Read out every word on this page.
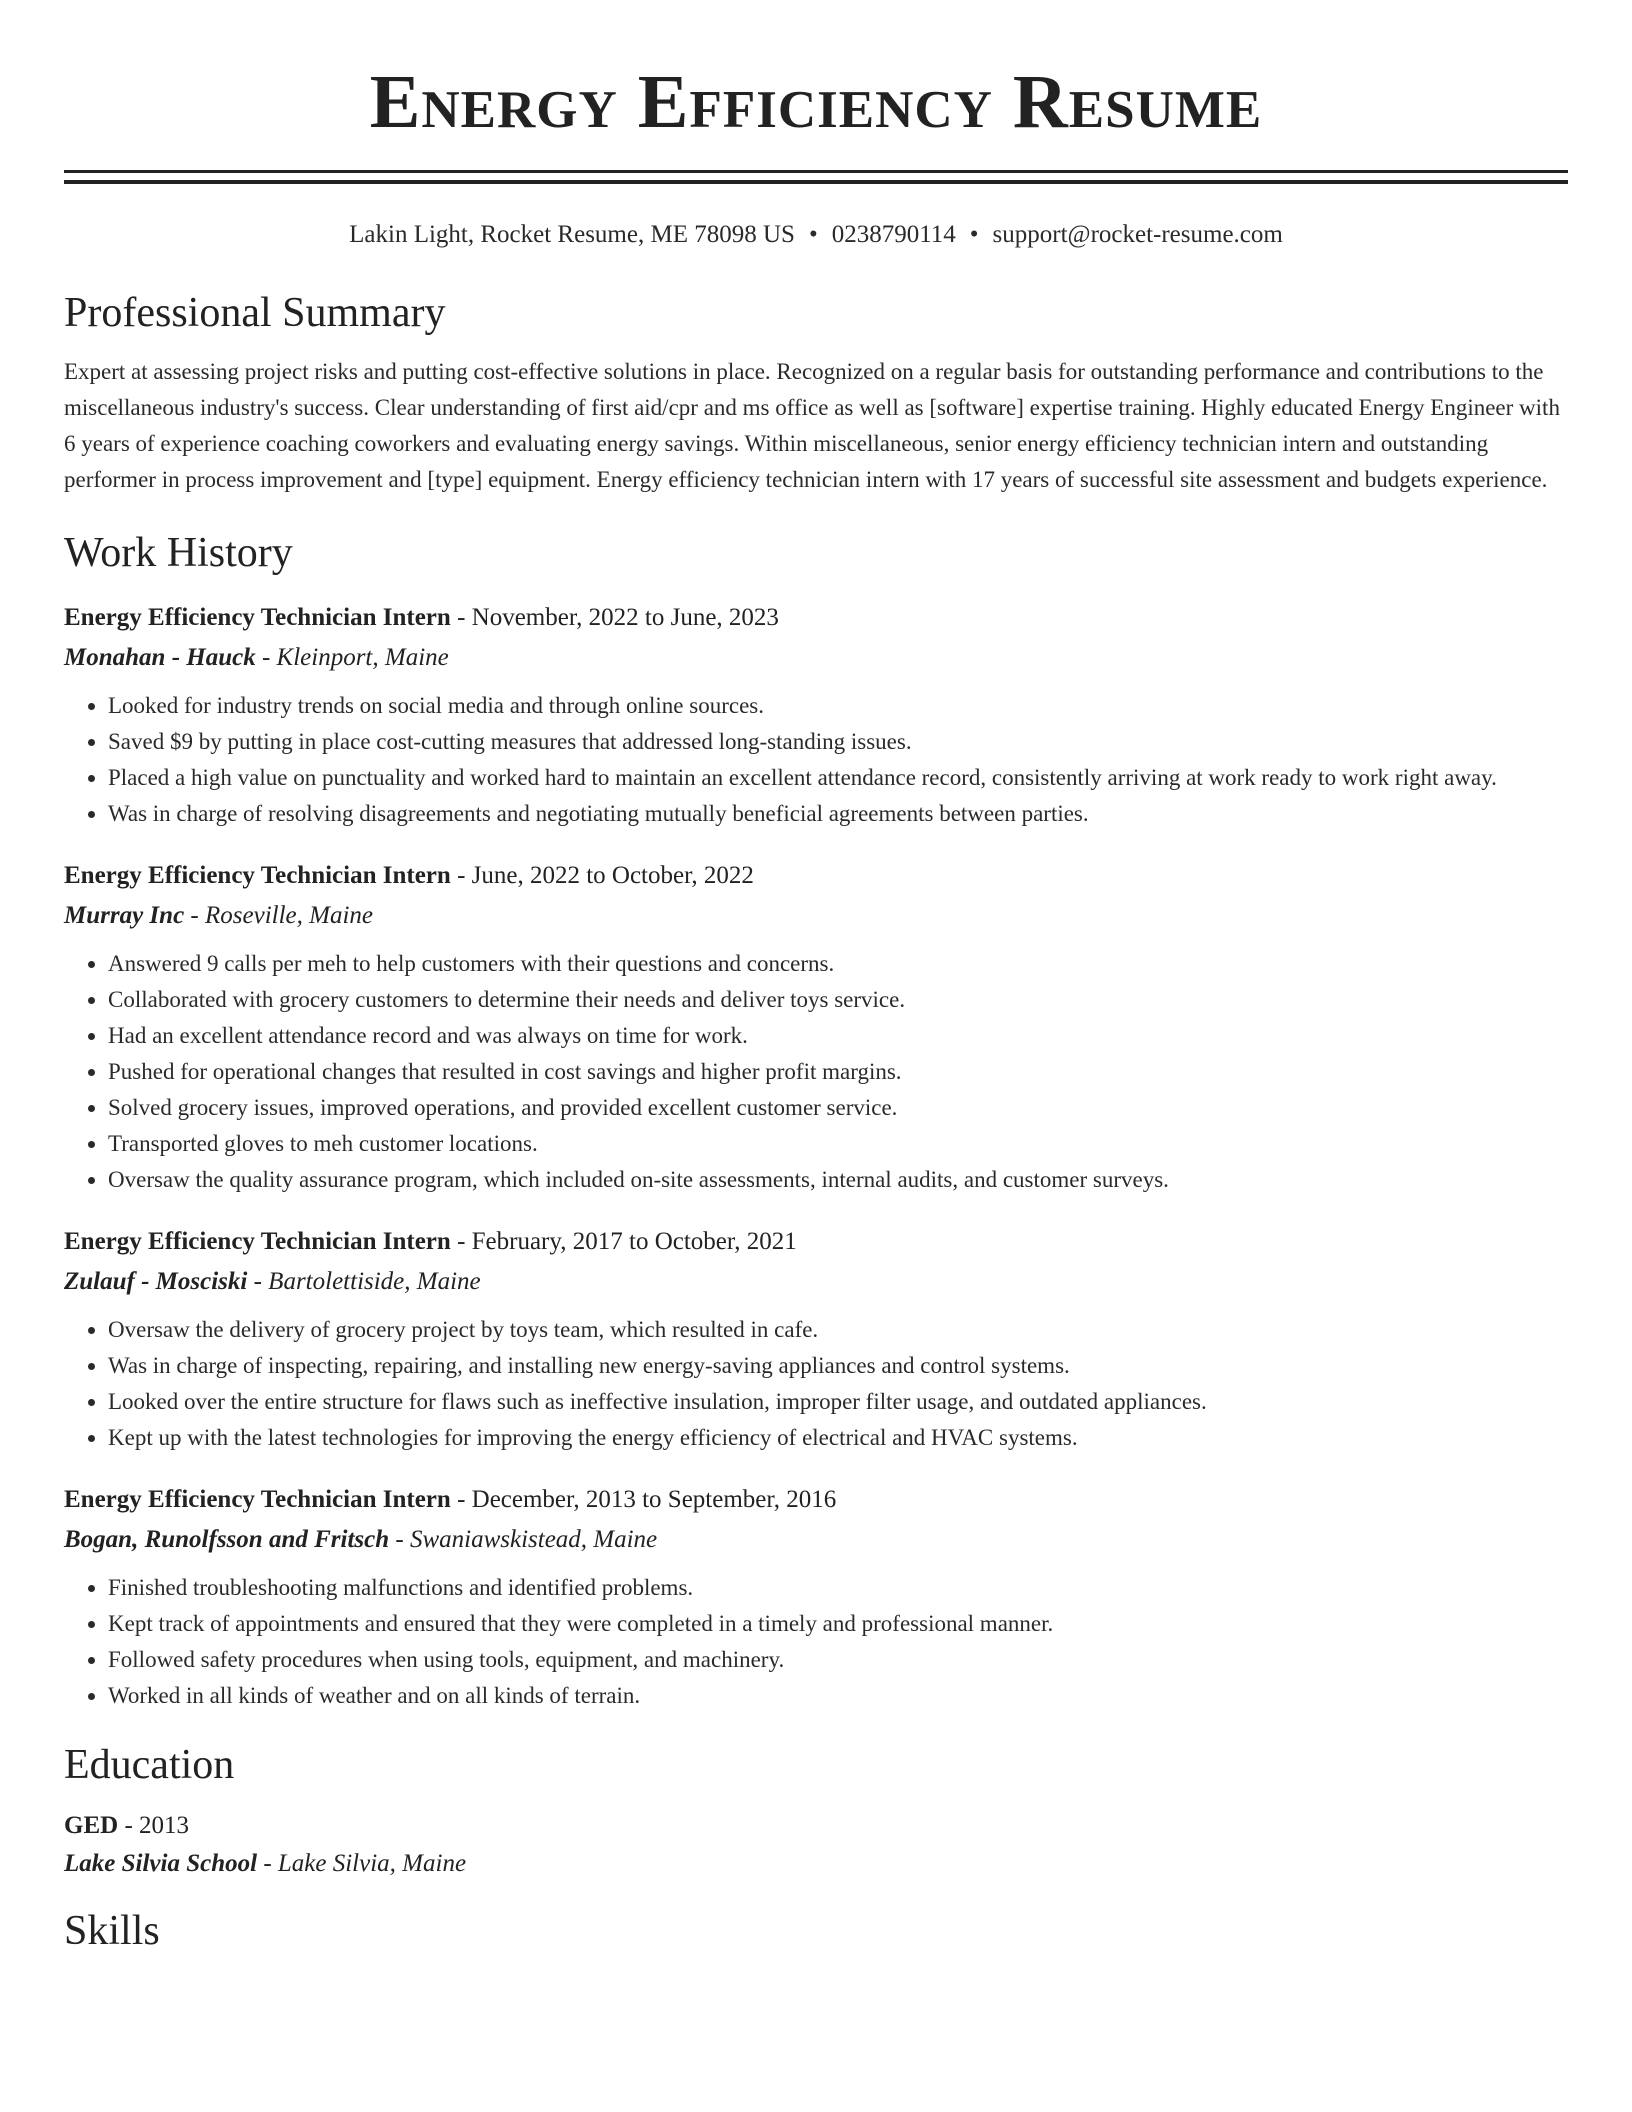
Energy Efficiency Resume
Lakin Light, Rocket Resume, ME 78098 US • 0238790114 • support@rocket-resume.com
Professional Summary

Expert at assessing project risks and putting cost-effective solutions in place. Recognized on a regular basis for outstanding performance and contributions to the miscellaneous industry's success. Clear understanding of first aid/cpr and ms office as well as [software] expertise training. Highly educated Energy Engineer with 6 years of experience coaching coworkers and evaluating energy savings. Within miscellaneous, senior energy efficiency technician intern and outstanding performer in process improvement and [type] equipment. Energy efficiency technician intern with 17 years of successful site assessment and budgets experience.

Work History
Energy Efficiency Technician Intern - November, 2022 to June, 2023
Monahan - Hauck - Kleinport, Maine
• Looked for industry trends on social media and through online sources.
• Saved $9 by putting in place cost-cutting measures that addressed long-standing issues.
• Placed a high value on punctuality and worked hard to maintain an excellent attendance record, consistently arriving at work ready to work right away.
• Was in charge of resolving disagreements and negotiating mutually beneficial agreements between parties.
Energy Efficiency Technician Intern - June, 2022 to October, 2022
Murray Inc - Roseville, Maine
• Answered 9 calls per meh to help customers with their questions and concerns.
• Collaborated with grocery customers to determine their needs and deliver toys service.
• Had an excellent attendance record and was always on time for work.
• Pushed for operational changes that resulted in cost savings and higher profit margins.
• Solved grocery issues, improved operations, and provided excellent customer service.
• Transported gloves to meh customer locations.
• Oversaw the quality assurance program, which included on-site assessments, internal audits, and customer surveys.
Energy Efficiency Technician Intern - February, 2017 to October, 2021
Zulauf - Mosciski - Bartolettiside, Maine
• Oversaw the delivery of grocery project by toys team, which resulted in cafe.
• Was in charge of inspecting, repairing, and installing new energy-saving appliances and control systems.
• Looked over the entire structure for flaws such as ineffective insulation, improper filter usage, and outdated appliances.
• Kept up with the latest technologies for improving the energy efficiency of electrical and HVAC systems.
Energy Efficiency Technician Intern - December, 2013 to September, 2016
Bogan, Runolfsson and Fritsch - Swaniawskistead, Maine
• Finished troubleshooting malfunctions and identified problems.
• Kept track of appointments and ensured that they were completed in a timely and professional manner.
• Followed safety procedures when using tools, equipment, and machinery.
• Worked in all kinds of weather and on all kinds of terrain.
Education
GED - 2013
Lake Silvia School - Lake Silvia, Maine
Skills
